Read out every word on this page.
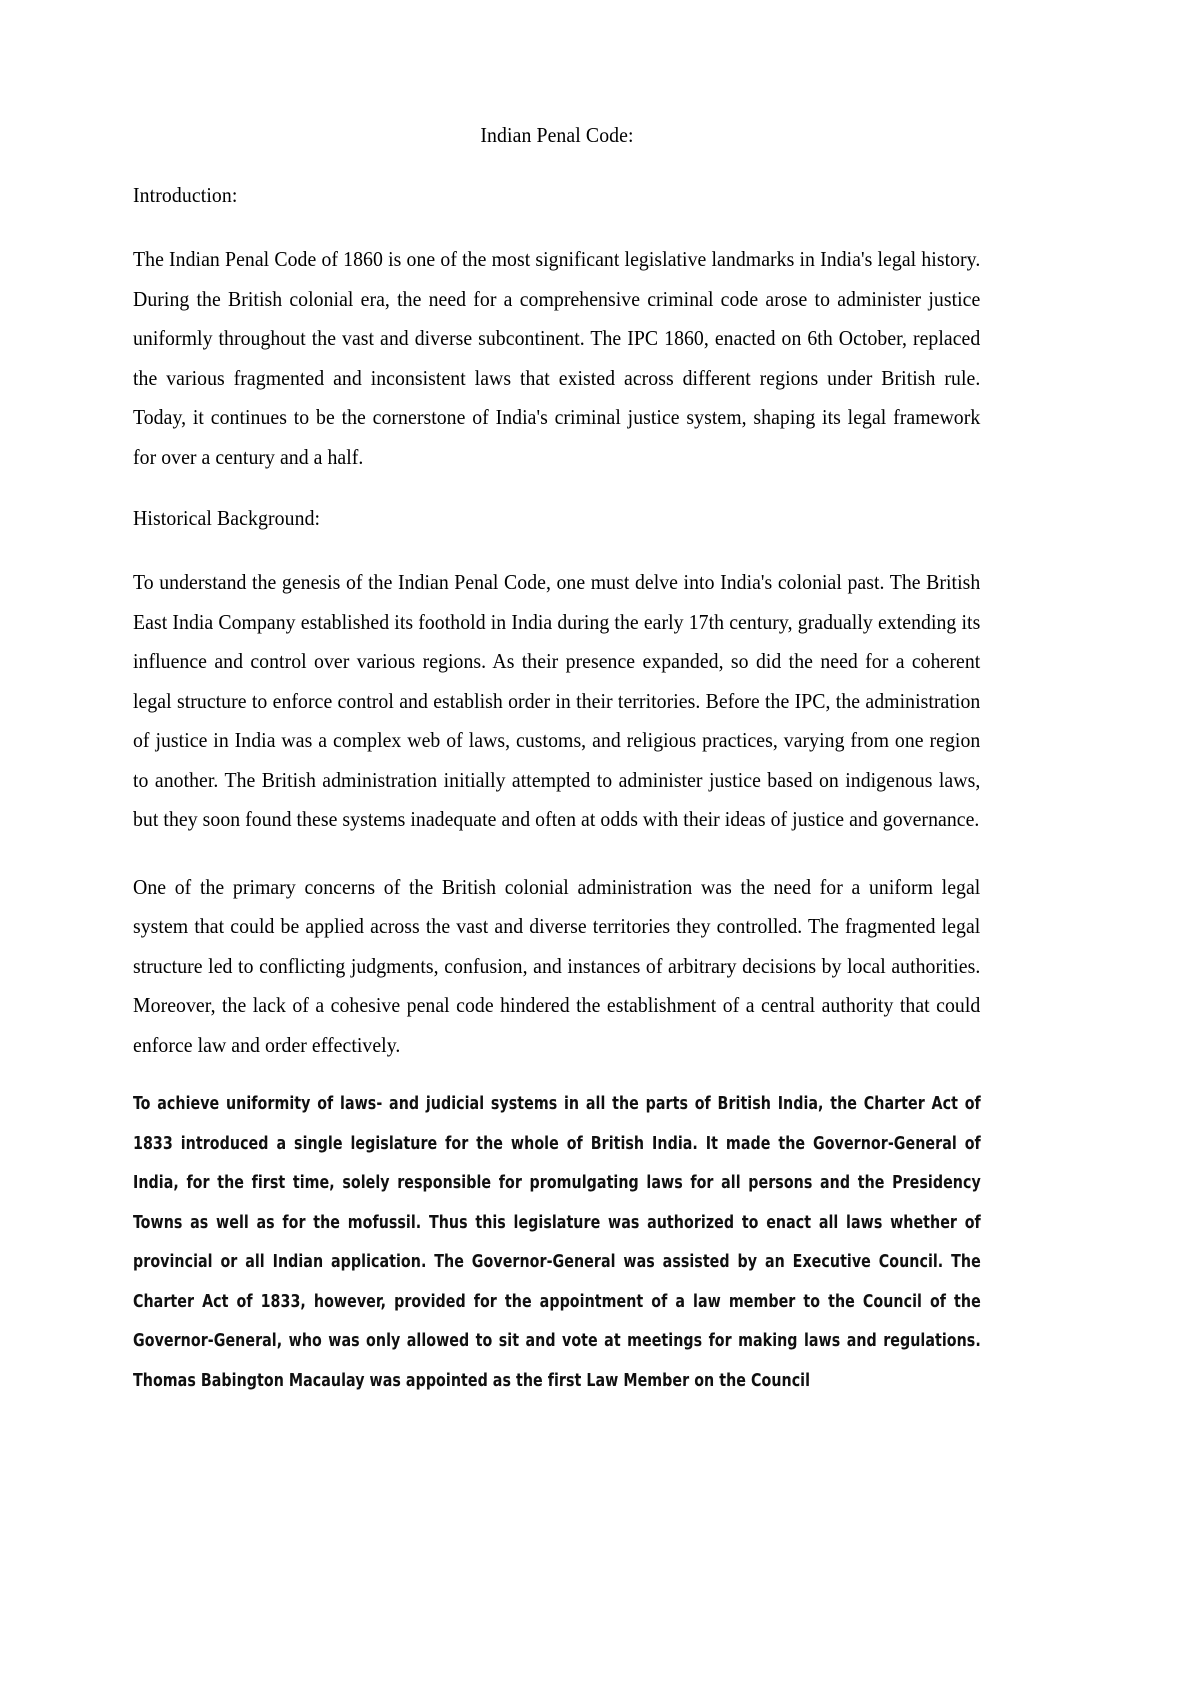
Indian Penal Code:
Introduction:

The Indian Penal Code of 1860 is one of the most significant legislative landmarks in India's legal history. During the British colonial era, the need for a comprehensive criminal code arose to administer justice uniformly throughout the vast and diverse subcontinent. The IPC 1860, enacted on 6th October, replaced the various fragmented and inconsistent laws that existed across different regions under British rule. Today, it continues to be the cornerstone of India's criminal justice system, shaping its legal framework for over a century and a half.

Historical Background:

To understand the genesis of the Indian Penal Code, one must delve into India's colonial past. The British East India Company established its foothold in India during the early 17th century, gradually extending its influence and control over various regions. As their presence expanded, so did the need for a coherent legal structure to enforce control and establish order in their territories. Before the IPC, the administration of justice in India was a complex web of laws, customs, and religious practices, varying from one region to another. The British administration initially attempted to administer justice based on indigenous laws, but they soon found these systems inadequate and often at odds with their ideas of justice and governance.

One of the primary concerns of the British colonial administration was the need for a uniform legal system that could be applied across the vast and diverse territories they controlled. The fragmented legal structure led to conflicting judgments, confusion, and instances of arbitrary decisions by local authorities. Moreover, the lack of a cohesive penal code hindered the establishment of a central authority that could enforce law and order effectively.

To achieve uniformity of laws- and judicial systems in all the parts of British India, the Charter Act of 1833 introduced a single legislature for the whole of British India. It made the Governor-General of India, for the first time, solely responsible for promulgating laws for all persons and the Presidency Towns as well as for the mofussil. Thus this legislature was authorized to enact all laws whether of provincial or all Indian application. The Governor-General was assisted by an Executive Council. The Charter Act of 1833, however, provided for the appointment of a law member to the Council of the Governor-General, who was only allowed to sit and vote at meetings for making laws and regulations. Thomas Babington Macaulay was appointed as the first Law Member on the Council
